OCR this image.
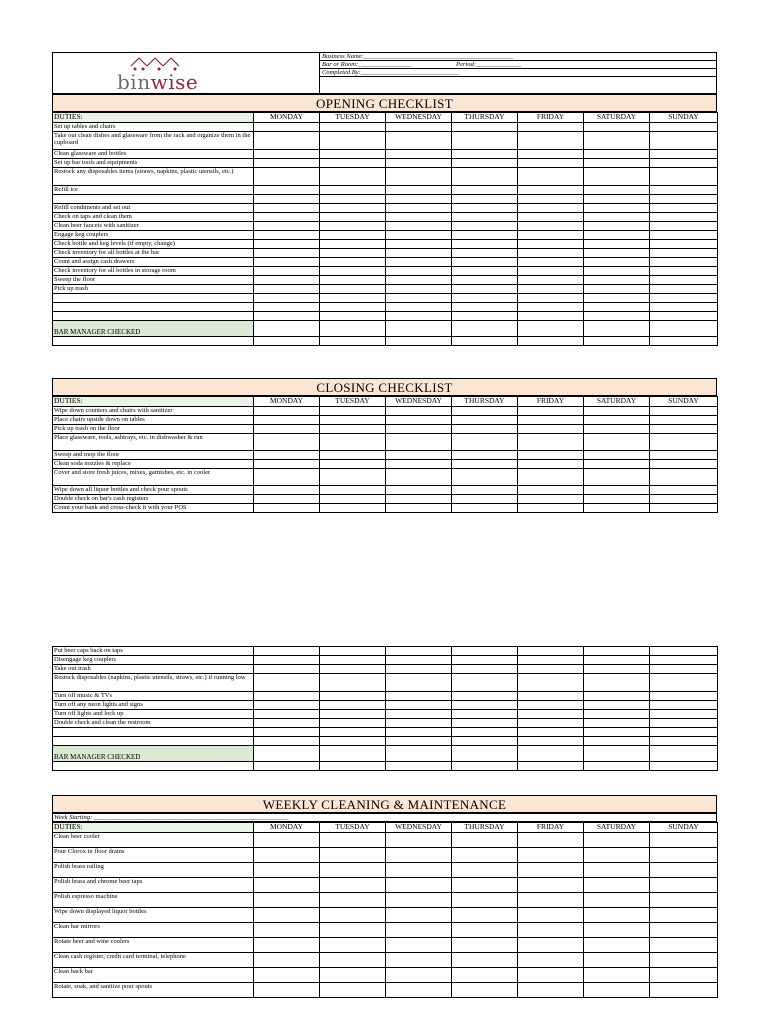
binwise
Business Name:______________________________________________
Bar or Room:________________	Period:______________
Completed By:______________________________
OPENING CHECKLIST
DUTIES:	MONDAY	TUESDAY	WEDNESDAY	THURSDAY	FRIDAY	SATURDAY	SUNDAY
Set up tables and chairs							
Take out clean dishes and glassware from the rack and organize them in the cupboard							
Clean glassware and bottles							
Set up bar tools and equipments							
Restock any disposables items (straws, napkins, plastic utensils, etc.)							
Refill ice							

Refill condiments and set out							
Check on taps and clean them							
Clean beer faucets with sanitizer							
Engage keg couplers							
Check bottle and keg levels (if empty, change)							
Check inventory for all bottles at the bar							
Count and assign cash drawers							
Check inventory for all bottles in storage room							
Sweep the floor							
Pick up trash							

BAR MANAGER CHECKED							

CLOSING CHECKLIST
DUTIES:	MONDAY	TUESDAY	WEDNESDAY	THURSDAY	FRIDAY	SATURDAY	SUNDAY
Wipe down counters and chairs with sanitizer							
Place chairs upside down on tables							
Pick up trash on the floor							
Place glassware, tools, ashtrays, etc. in dishwasher & run							
Sweep and mop the floor							
Clean soda nozzles & replace							
Cover and store fresh juices, mixes, garnishes, etc. in cooler							
Wipe down all liquor bottles and check pour spouts							
Double check on bar's cash registers							
Count your bank and cross-check it with your POS							
Put beer caps back on taps							
Disengage keg couplers							
Take out trash							
Restock disposables (napkins, plastic utensils, straws, etc.) if running low							
Turn off music & TVs							
Turn off any neon lights and signs							
Turn off lights and lock up							
Double check and clean the restroom							

BAR MANAGER CHECKED							

WEEKLY CLEANING & MAINTENANCE
Week Starting: ____________________________________________________________
DUTIES:	MONDAY	TUESDAY	WEDNESDAY	THURSDAY	FRIDAY	SATURDAY	SUNDAY
Clean beer cooler							
Pour Clorox in floor drains							
Polish brass railing							
Polish brass and chrome beer taps							
Polish espresso machine							
Wipe down displayed liquor bottles							
Clean bar mirrors							
Rotate beer and wine coolers							
Clean cash register, credit card terminal, telephone							
Clean back bar							
Rotate, soak, and sanitize pour spouts							
